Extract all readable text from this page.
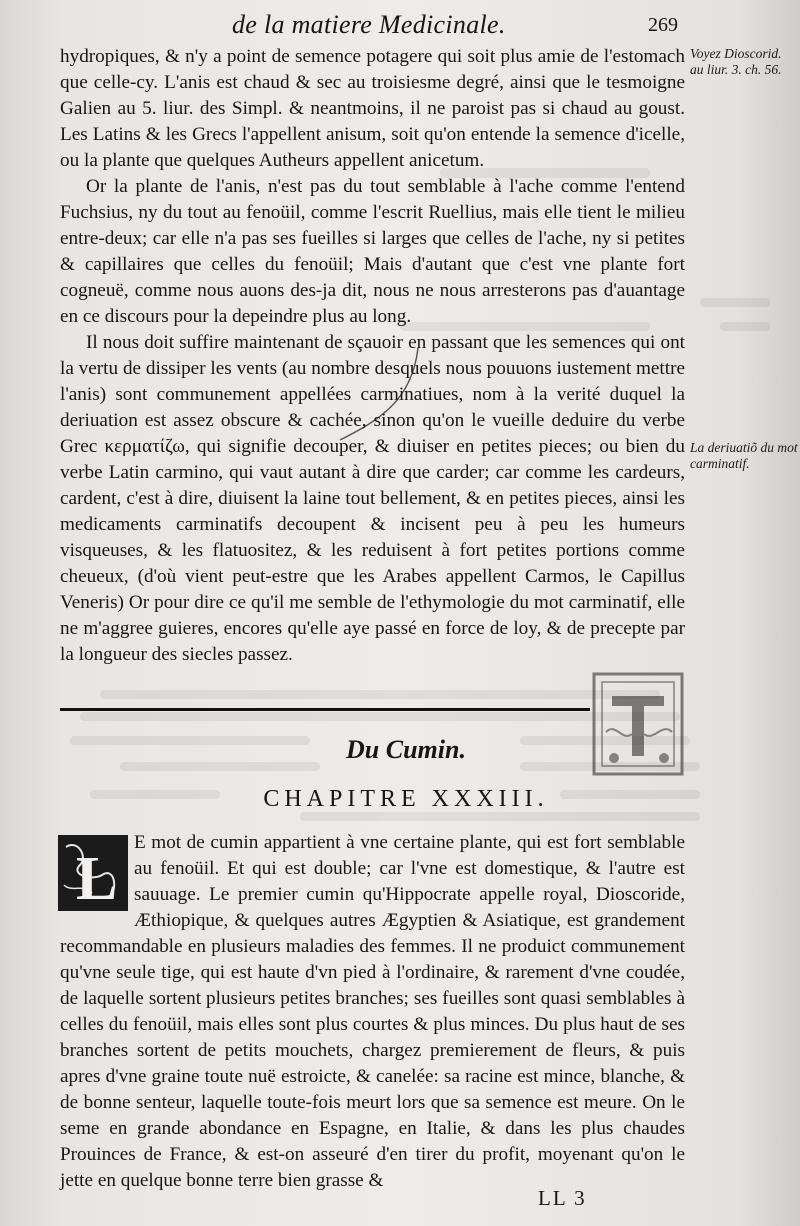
de la matiere Medicinale.	269
Voyez Dioscorid. au liur. 3. ch. 56.
La deriuatiõ du mot carminatif.

hydropiques, & n'y a point de semence potagere qui soit plus amie de l'estomach que celle-cy. L'anis est chaud & sec au troisiesme degré, ainsi que le tesmoigne Galien au 5. liur. des Simpl. & neantmoins, il ne paroist pas si chaud au goust. Les Latins & les Grecs l'appellent anisum, soit qu'on entende la semence d'icelle, ou la plante que quelques Autheurs appellent anicetum.

Or la plante de l'anis, n'est pas du tout semblable à l'ache comme l'entend Fuchsius, ny du tout au fenoüil, comme l'escrit Ruellius, mais elle tient le milieu entre-deux; car elle n'a pas ses fueilles si larges que celles de l'ache, ny si petites & capillaires que celles du fenoüil; Mais d'autant que c'est vne plante fort cogneuë, comme nous auons des-ja dit, nous ne nous arresterons pas d'auantage en ce discours pour la depeindre plus au long.

Il nous doit suffire maintenant de sçauoir en passant que les semences qui ont la vertu de dissiper les vents (au nombre desquels nous pouuons iustement mettre l'anis) sont communement appellées carminatiues, nom à la verité duquel la deriuation est assez obscure & cachée, sinon qu'on le vueille deduire du verbe Grec κερματίζω, qui signifie decouper, & diuiser en petites pieces; ou bien du verbe Latin carmino, qui vaut autant à dire que carder; car comme les cardeurs, cardent, c'est à dire, diuisent la laine tout bellement, & en petites pieces, ainsi les medicaments carminatifs decoupent & incisent peu à peu les humeurs visqueuses, & les flatuositez, & les reduisent à fort petites portions comme cheueux, (d'où vient peut-estre que les Arabes appellent Carmos, le Capillus Veneris) Or pour dire ce qu'il me semble de l'ethymologie du mot carminatif, elle ne m'aggree guieres, encores qu'elle aye passé en force de loy, & de precepte par la longueur des siecles passez.

Du Cumin.
CHAPITRE XXXIII.
L

E mot de cumin appartient à vne certaine plante, qui est fort semblable au fenoüil. Et qui est double; car l'vne est domestique, & l'autre est sauuage. Le premier cumin qu'Hippocrate appelle royal, Dioscoride, Æthiopique, & quelques autres Ægyptien & Asiatique, est grandement recommandable en plusieurs maladies des femmes. Il ne produict communement qu'vne seule tige, qui est haute d'vn pied à l'ordinaire, & rarement d'vne coudée, de laquelle sortent plusieurs petites branches; ses fueilles sont quasi semblables à celles du fenoüil, mais elles sont plus courtes & plus minces. Du plus haut de ses branches sortent de petits mouchets, chargez premierement de fleurs, & puis apres d'vne graine toute nuë estroicte, & canelée: sa racine est mince, blanche, & de bonne senteur, laquelle toute-fois meurt lors que sa semence est meure. On le seme en grande abondance en Espagne, en Italie, & dans les plus chaudes Prouinces de France, & est-on asseuré d'en tirer du profit, moyenant qu'on le jette en quelque bonne terre bien grasse &

LL 3
